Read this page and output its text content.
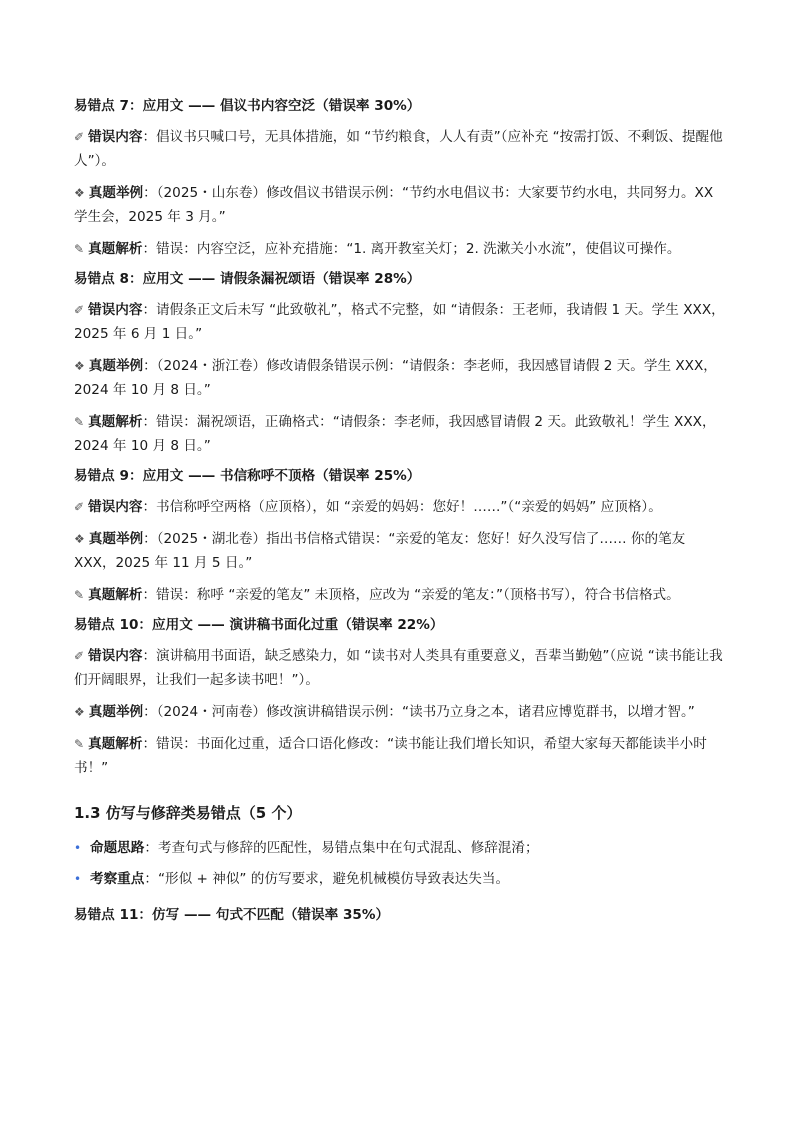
易错点 7：应用文 —— 倡议书内容空泛（错误率 30%）
✐ 错误内容：倡议书只喊口号，无具体措施，如 “节约粮食，人人有责”（应补充 “按需打饭、不剩饭、提醒他人”）。
❖ 真题举例：（2025・山东卷）修改倡议书错误示例：“节约水电倡议书：大家要节约水电，共同努力。XX 学生会，2025 年 3 月。”
✎ 真题解析：错误：内容空泛，应补充措施：“1. 离开教室关灯；2. 洗漱关小水流”，使倡议可操作。
易错点 8：应用文 —— 请假条漏祝颂语（错误率 28%）
✐ 错误内容：请假条正文后未写 “此致敬礼”，格式不完整，如 “请假条：王老师，我请假 1 天。学生 XXX，2025 年 6 月 1 日。”
❖ 真题举例：（2024・浙江卷）修改请假条错误示例：“请假条：李老师，我因感冒请假 2 天。学生 XXX，2024 年 10 月 8 日。”
✎ 真题解析：错误：漏祝颂语，正确格式：“请假条：李老师，我因感冒请假 2 天。此致敬礼！学生 XXX，2024 年 10 月 8 日。”
易错点 9：应用文 —— 书信称呼不顶格（错误率 25%）
✐ 错误内容：书信称呼空两格（应顶格），如 “亲爱的妈妈：您好！……”（“亲爱的妈妈” 应顶格）。
❖ 真题举例：（2025・湖北卷）指出书信格式错误：“亲爱的笔友：您好！好久没写信了…… 你的笔友 XXX，2025 年 11 月 5 日。”
✎ 真题解析：错误：称呼 “亲爱的笔友” 未顶格，应改为 “亲爱的笔友：”（顶格书写），符合书信格式。
易错点 10：应用文 —— 演讲稿书面化过重（错误率 22%）
✐ 错误内容：演讲稿用书面语，缺乏感染力，如 “读书对人类具有重要意义，吾辈当勤勉”（应说 “读书能让我们开阔眼界，让我们一起多读书吧！”）。
❖ 真题举例：（2024・河南卷）修改演讲稿错误示例：“读书乃立身之本，诸君应博览群书，以增才智。”
✎ 真题解析：错误：书面化过重，适合口语化修改：“读书能让我们增长知识，希望大家每天都能读半小时书！”
1.3 仿写与修辞类易错点（5 个）
• 命题思路：考查句式与修辞的匹配性，易错点集中在句式混乱、修辞混淆；
• 考察重点：“形似 + 神似” 的仿写要求，避免机械模仿导致表达失当。
易错点 11：仿写 —— 句式不匹配（错误率 35%）
